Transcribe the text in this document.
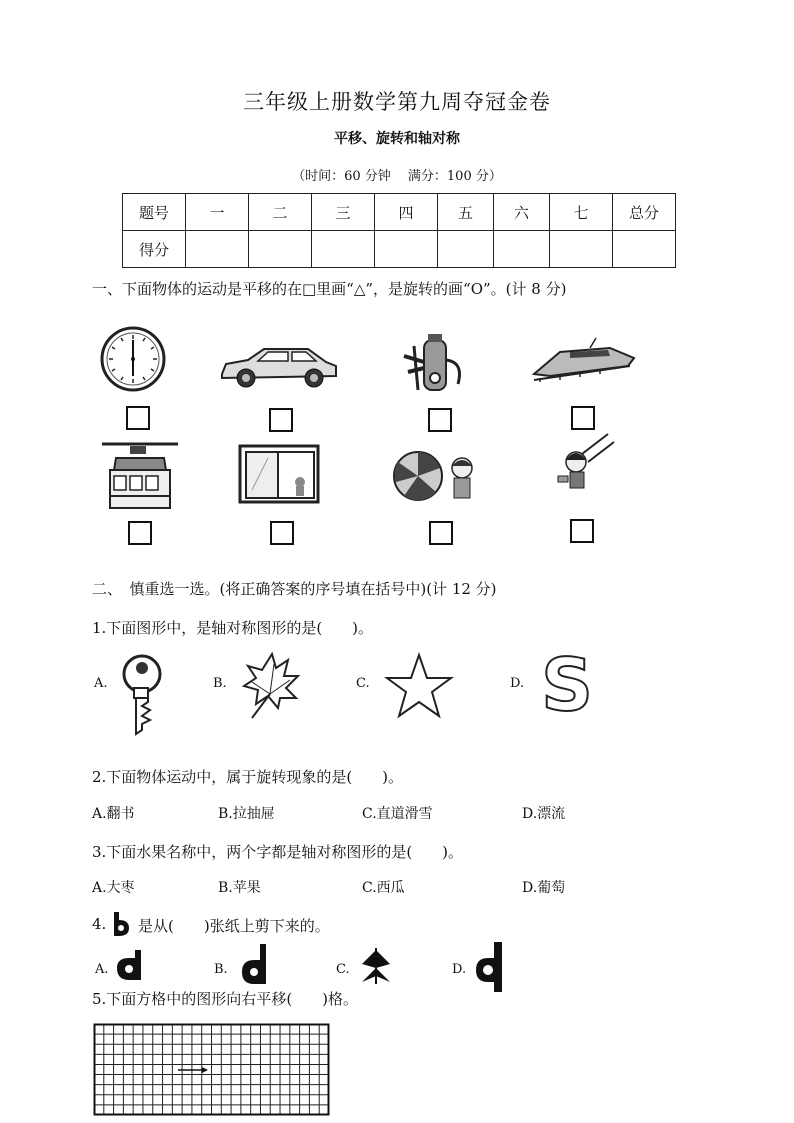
三年级上册数学第九周夺冠金卷
平移、旋转和轴对称
（时间：60 分钟　 满分：100 分）
题号	一	二	三	四	五	六	七	总分
得分								
一、下面物体的运动是平移的在□里画“△”，是旋转的画“O”。(计 8 分)
二、　慎重选一选。(将正确答案的序号填在括号中)(计 12 分)
1.下面图形中，是轴对称图形的是(　　)。
A.	B.	C.	D. S
2.下面物体运动中，属于旋转现象的是(　　)。
A.翻书	B.拉抽屉	C.直道滑雪	D.漂流
3.下面水果名称中，两个字都是轴对称图形的是(　　)。
A.大枣	B.苹果	C.西瓜	D.葡萄
4. 是从(　　)张纸上剪下来的。
A.	B.	C.	D.
5.下面方格中的图形向右平移(　　)格。
